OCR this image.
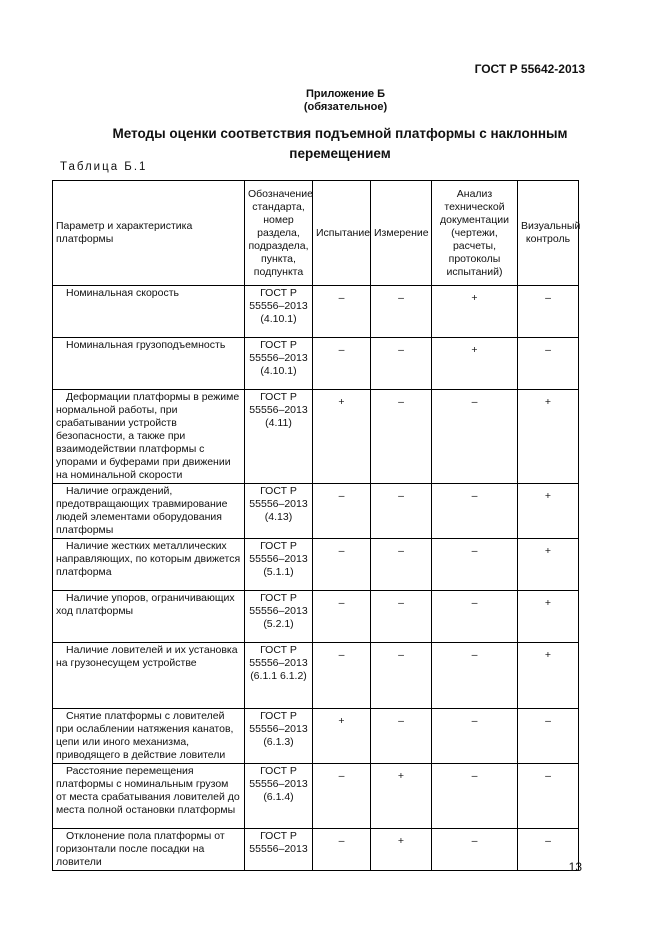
ГОСТ Р 55642-2013
Приложение Б
(обязательное)
Методы оценки соответствия подъемной платформы с наклонным
перемещением
Таблица Б.1
Параметр и характеристика платформы	Обозначение стандарта, номер раздела, подраздела, пункта, подпункта	Испытание	Измерение	Анализ технической документации (чертежи, расчеты, протоколы испытаний)	Визуальный контроль
Номинальная скорость	ГОСТ Р 55556–2013 (4.10.1)	–	–	+	–
Номинальная грузоподъемность	ГОСТ Р 55556–2013 (4.10.1)	–	–	+	–
Деформации платформы в режиме нормальной работы, при срабатывании устройств безопасности, а также при взаимодействии платформы с упорами и буферами при движении на номинальной скорости	ГОСТ Р 55556–2013 (4.11)	+	–	–	+
Наличие ограждений, предотвращающих травмирование людей элементами оборудования платформы	ГОСТ Р 55556–2013 (4.13)	–	–	–	+
Наличие жестких металлических направляющих, по которым движется платформа	ГОСТ Р 55556–2013 (5.1.1)	–	–	–	+
Наличие упоров, ограничивающих ход платформы	ГОСТ Р 55556–2013 (5.2.1)	–	–	–	+
Наличие ловителей и их установка на грузонесущем устройстве	ГОСТ Р 55556–2013 (6.1.1 6.1.2)	–	–	–	+
Снятие платформы с ловителей при ослаблении натяжения канатов, цепи или иного механизма, приводящего в действие ловители	ГОСТ Р 55556–2013 (6.1.3)	+	–	–	–
Расстояние перемещения платформы с номинальным грузом от места срабатывания ловителей до места полной остановки платформы	ГОСТ Р 55556–2013 (6.1.4)	–	+	–	–
Отклонение пола платформы от горизонтали после посадки на ловители	ГОСТ Р 55556–2013	–	+	–	–
13
